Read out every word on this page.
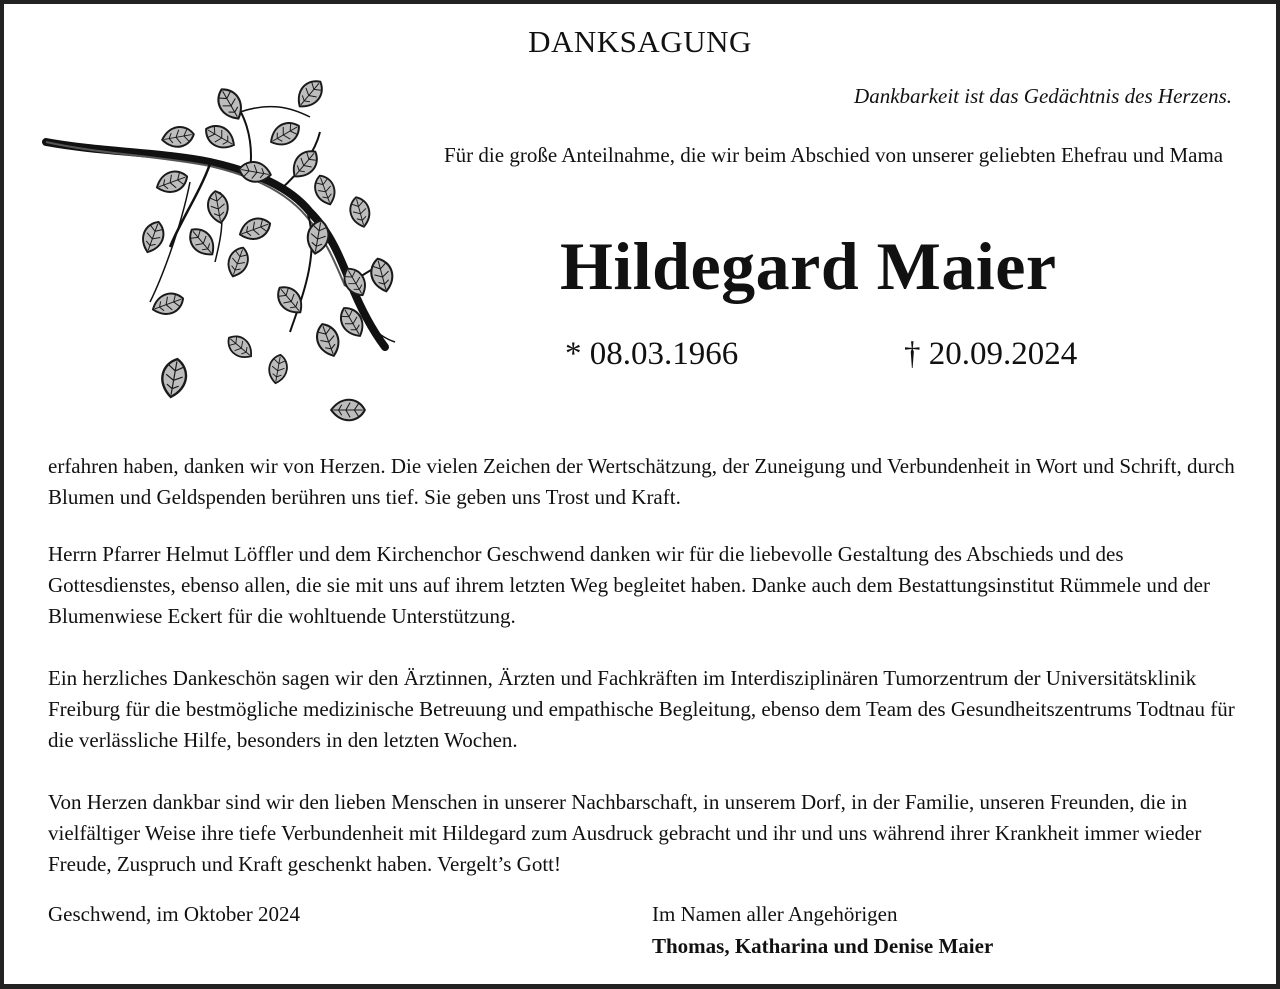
DANKSAGUNG
Dankbarkeit ist das Gedächtnis des Herzens.
Für die große Anteilnahme, die wir beim Abschied von unserer geliebten Ehefrau und Mama
Hildegard Maier
* 08.03.1966	† 20.09.2024

erfahren haben, danken wir von Herzen. Die vielen Zeichen der Wertschätzung, der Zuneigung und Verbundenheit in Wort und Schrift, durch Blumen und Geldspenden berühren uns tief. Sie geben uns Trost und Kraft.

Herrn Pfarrer Helmut Löffler und dem Kirchenchor Geschwend danken wir für die liebevolle Gestaltung des Abschieds und des Gottesdienstes, ebenso allen, die sie mit uns auf ihrem letzten Weg begleitet haben. Danke auch dem Bestattungsinstitut Rümmele und der Blumenwiese Eckert für die wohltuende Unterstützung.

Ein herzliches Dankeschön sagen wir den Ärztinnen, Ärzten und Fachkräften im Interdisziplinären Tumorzentrum der Universitätsklinik Freiburg für die bestmögliche medizinische Betreuung und empathische Begleitung, ebenso dem Team des Gesundheitszentrums Todtnau für die verlässliche Hilfe, besonders in den letzten Wochen.

Von Herzen dankbar sind wir den lieben Menschen in unserer Nachbarschaft, in unserem Dorf, in der Familie, unseren Freunden, die in vielfältiger Weise ihre tiefe Verbundenheit mit Hildegard zum Ausdruck gebracht und ihr und uns während ihrer Krankheit immer wieder Freude, Zuspruch und Kraft geschenkt haben. Vergelt’s Gott!

Geschwend, im Oktober 2024	Im Namen aller Angehörigen
Thomas, Katharina und Denise Maier
